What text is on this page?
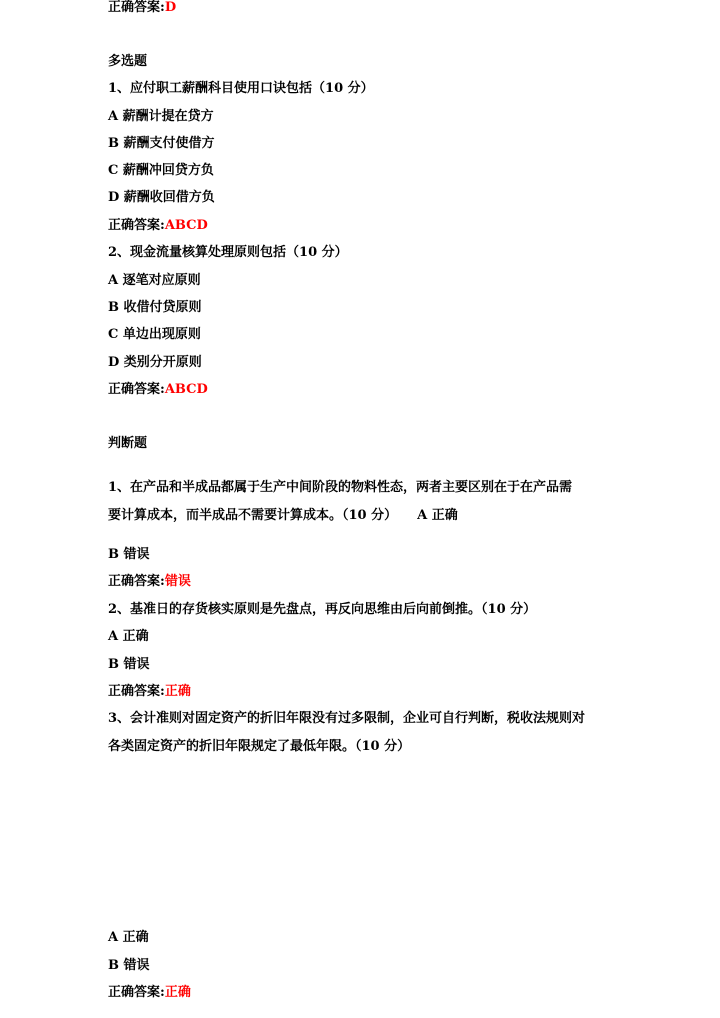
正确答案:D
多选题
1、应付职工薪酬科目使用口诀包括（10 分）
A 薪酬计提在贷方
B 薪酬支付使借方
C 薪酬冲回贷方负
D 薪酬收回借方负
正确答案:ABCD
2、现金流量核算处理原则包括（10 分）
A 逐笔对应原则
B 收借付贷原则
C 单边出现原则
D 类别分开原则
正确答案:ABCD
判断题
1、在产品和半成品都属于生产中间阶段的物料性态，两者主要区别在于在产品需
要计算成本，而半成品不需要计算成本。（10 分） A 正确
B 错误
正确答案:错误
2、基准日的存货核实原则是先盘点，再反向思维由后向前倒推。（10 分）
A 正确
B 错误
正确答案:正确
3、会计准则对固定资产的折旧年限没有过多限制，企业可自行判断，税收法规则对
各类固定资产的折旧年限规定了最低年限。（10 分）
A 正确
B 错误
正确答案:正确
